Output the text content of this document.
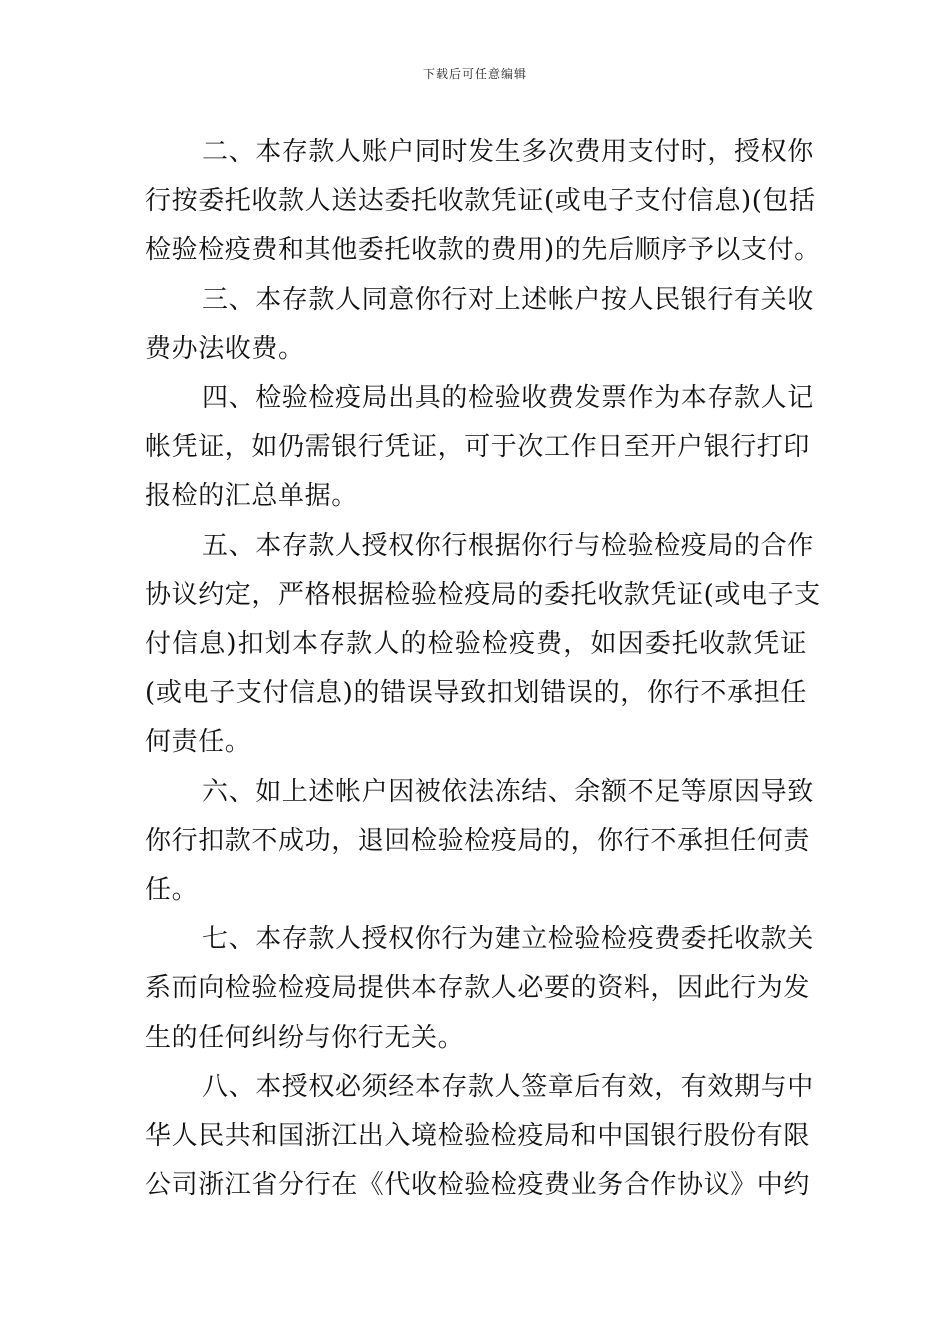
下载后可任意编辑
二、本存款人账户同时发生多次费用支付时，授权你
行按委托收款人送达委托收款凭证(或电子支付信息)(包括
检验检疫费和其他委托收款的费用)的先后顺序予以支付。
三、本存款人同意你行对上述帐户按人民银行有关收
费办法收费。
四、检验检疫局出具的检验收费发票作为本存款人记
帐凭证，如仍需银行凭证，可于次工作日至开户银行打印
报检的汇总单据。
五、本存款人授权你行根据你行与检验检疫局的合作
协议约定，严格根据检验检疫局的委托收款凭证(或电子支
付信息)扣划本存款人的检验检疫费，如因委托收款凭证
(或电子支付信息)的错误导致扣划错误的，你行不承担任
何责任。
六、如上述帐户因被依法冻结、余额不足等原因导致
你行扣款不成功，退回检验检疫局的，你行不承担任何责
任。
七、本存款人授权你行为建立检验检疫费委托收款关
系而向检验检疫局提供本存款人必要的资料，因此行为发
生的任何纠纷与你行无关。
八、本授权必须经本存款人签章后有效，有效期与中
华人民共和国浙江出入境检验检疫局和中国银行股份有限
公司浙江省分行在《代收检验检疫费业务合作协议》中约
